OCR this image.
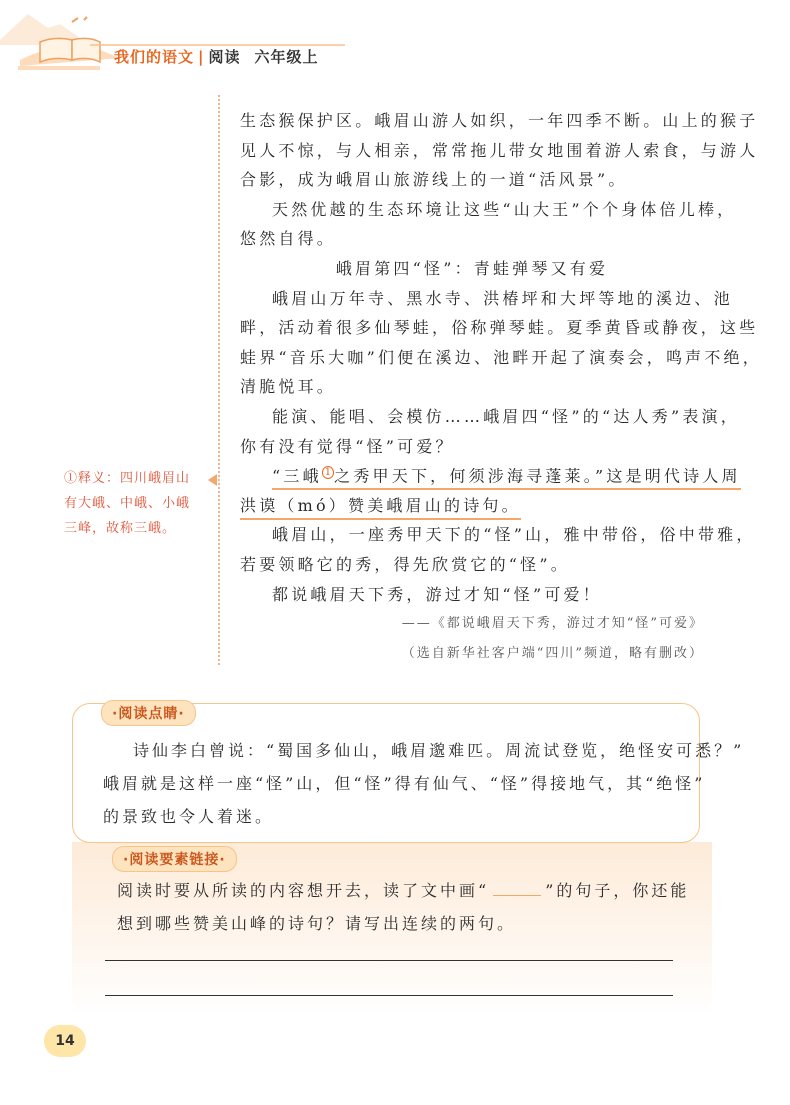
我们的语文 | 阅读 六年级上
生态猴保护区。峨眉山游人如织，一年四季不断。山上的猴子
见人不惊，与人相亲，常常拖儿带女地围着游人索食，与游人
合影，成为峨眉山旅游线上的一道“活风景”。
天然优越的生态环境让这些“山大王”个个身体倍儿棒，
悠然自得。
峨眉第四“怪”：青蛙弹琴又有爱
峨眉山万年寺、黑水寺、洪椿坪和大坪等地的溪边、池
畔，活动着很多仙琴蛙，俗称弹琴蛙。夏季黄昏或静夜，这些
蛙界“音乐大咖”们便在溪边、池畔开起了演奏会，鸣声不绝，
清脆悦耳。
能演、能唱、会模仿……峨眉四“怪”的“达人秀”表演，
你有没有觉得“怪”可爱？
“三峨 $^1$ 之秀甲天下，何须涉海寻蓬莱。”这是明代诗人周
洪谟（mó）赞美峨眉山的诗句。
峨眉山，一座秀甲天下的“怪”山，雅中带俗，俗中带雅，
若要领略它的秀，得先欣赏它的“怪”。
都说峨眉天下秀，游过才知“怪”可爱！
——《都说峨眉天下秀，游过才知“怪”可爱》
（选自新华社客户端“四川”频道，略有删改）
①释义：四川峨眉山
有大峨、中峨、小峨
三峰，故称三峨。
·阅读要素链接·
阅读时要从所读的内容想开去，读了文中画“	”的句子，你还能
想到哪些赞美山峰的诗句？请写出连续的两句。
·阅读点睛·
诗仙李白曾说：“蜀国多仙山，峨眉邈难匹。周流试登览，绝怪安可悉？”
峨眉就是这样一座“怪”山，但“怪”得有仙气、“怪”得接地气，其“绝怪”
的景致也令人着迷。
14
